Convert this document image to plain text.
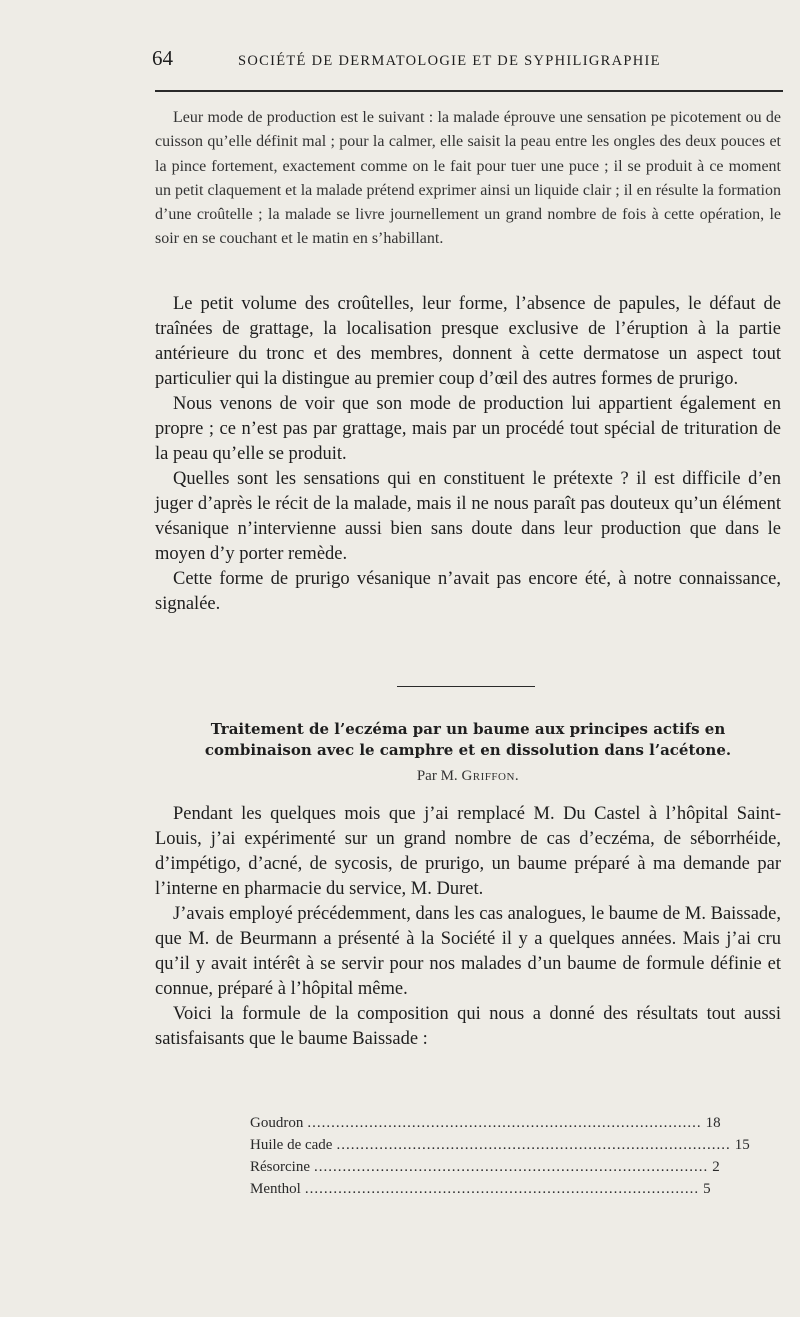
64	SOCIÉTÉ DE DERMATOLOGIE ET DE SYPHILIGRAPHIE

Leur mode de production est le suivant : la malade éprouve une sensation pe picotement ou de cuisson qu’elle définit mal ; pour la calmer, elle saisit la peau entre les ongles des deux pouces et la pince fortement, exactement comme on le fait pour tuer une puce ; il se produit à ce moment un petit claquement et la malade prétend exprimer ainsi un liquide clair ; il en résulte la formation d’une croûtelle ; la malade se livre journellement un grand nombre de fois à cette opération, le soir en se couchant et le matin en s’habillant.

Le petit volume des croûtelles, leur forme, l’absence de papules, le défaut de traînées de grattage, la localisation presque exclusive de l’éruption à la partie antérieure du tronc et des membres, donnent à cette dermatose un aspect tout particulier qui la distingue au premier coup d’œil des autres formes de prurigo.

Nous venons de voir que son mode de production lui appartient également en propre ; ce n’est pas par grattage, mais par un procédé tout spécial de trituration de la peau qu’elle se produit.

Quelles sont les sensations qui en constituent le prétexte ? il est difficile d’en juger d’après le récit de la malade, mais il ne nous paraît pas douteux qu’un élément vésanique n’intervienne aussi bien sans doute dans leur production que dans le moyen d’y porter remède.

Cette forme de prurigo vésanique n’avait pas encore été, à notre connaissance, signalée.

Traitement de l’eczéma par un baume aux principes actifs en combinaison avec le camphre et en dissolution dans l’acétone.
Par M. Griffon.

Pendant les quelques mois que j’ai remplacé M. Du Castel à l’hôpital Saint-Louis, j’ai expérimenté sur un grand nombre de cas d’eczéma, de séborrhéide, d’impétigo, d’acné, de sycosis, de prurigo, un baume préparé à ma demande par l’interne en pharmacie du service, M. Duret.

J’avais employé précédemment, dans les cas analogues, le baume de M. Baissade, que M. de Beurmann a présenté à la Société il y a quelques années. Mais j’ai cru qu’il y avait intérêt à se servir pour nos malades d’un baume de formule définie et connue, préparé à l’hôpital même.

Voici la formule de la composition qui nous a donné des résultats tout aussi satisfaisants que le baume Baissade :

Goudron ................................................................................... 18
Huile de cade ................................................................................... 15
Résorcine ................................................................................... 2
Menthol ................................................................................... 5
